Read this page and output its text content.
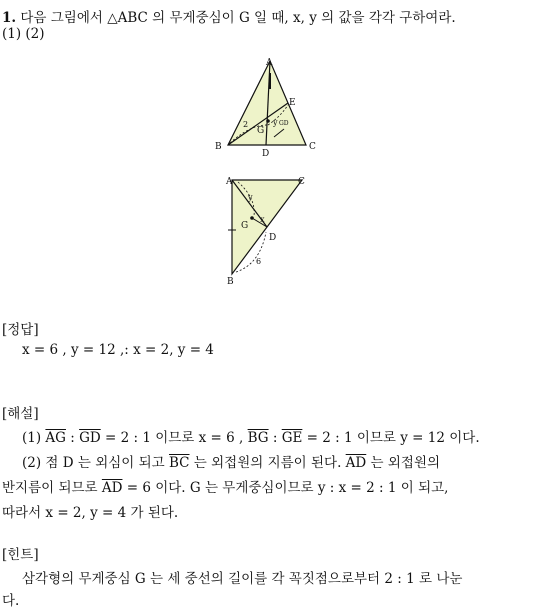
1. 다음 그림에서 △ABC 의 무게중심이 G 일 때, x, y 의 값을 각각 구하여라.
(1) (2)
A
B	C
D
E
G
2	y GD
A	C
G
D
B
y
x
6
[정답]
x = 6 , y = 12 ,: x = 2, y = 4
[해설]
(1) $\overline{AG}$ : $\overline{GD} = 2$ : 1 이므로 x = 6 , $\overline{BG}$ : $\overline{GE} = 2$ : 1 이므로 y = 12 이다.
(2) 점 D 는 외심이 되고 $\overline{BC}$ 는 외접원의 지름이 된다. $\overline{AD}$ 는 외접원의
반지름이 되므로 $\overline{AD} = 6$ 이다. G 는 무게중심이므로 y : x = 2 : 1 이 되고,
따라서 x = 2, y = 4 가 된다.
[힌트]
삼각형의 무게중심 G 는 세 중선의 길이를 각 꼭짓점으로부터 2 : 1 로 나눈
다.
